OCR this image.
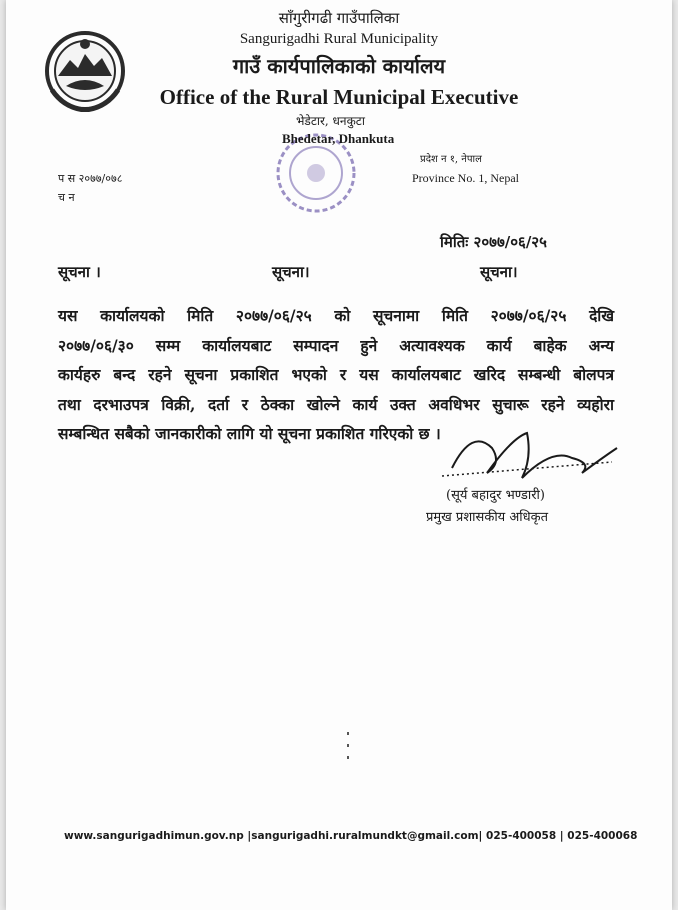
साँगुरीगढी गाउँपालिका
Sangurigadhi Rural Municipality
गाउँ कार्यपालिकाको कार्यालय
Office of the Rural Municipal Executive
भेडेटार, धनकुटा
Bhedetar, Dhankuta
प्रदेश न १, नेपाल
Province No. 1, Nepal
प स २०७७/०७८
च न
मितिः २०७७/०६/२५
सूचना ।	सूचना।	सूचना।
यस कार्यालयको मिति २०७७/०६/२५ को सूचनामा मिति २०७७/०६/२५ देखि
२०७७/०६/३० सम्म कार्यालयबाट सम्पादन हुने अत्यावश्यक कार्य बाहेक अन्य
कार्यहरु बन्द रहने सूचना प्रकाशित भएको र यस कार्यालयबाट खरिद सम्बन्धी बोलपत्र
तथा दरभाउपत्र विक्री, दर्ता र ठेक्का खोल्ने कार्य उक्त अवधिभर सुचारू रहने व्यहोरा
सम्बन्धित सबैको जानकारीको लागि यो सूचना प्रकाशित गरिएको छ ।
(सूर्य बहादुर भण्डारी)
प्रमुख प्रशासकीय अधिकृत
www.sangurigadhimun.gov.np |sangurigadhi.ruralmundkt@gmail.com| 025-400058 | 025-400068
